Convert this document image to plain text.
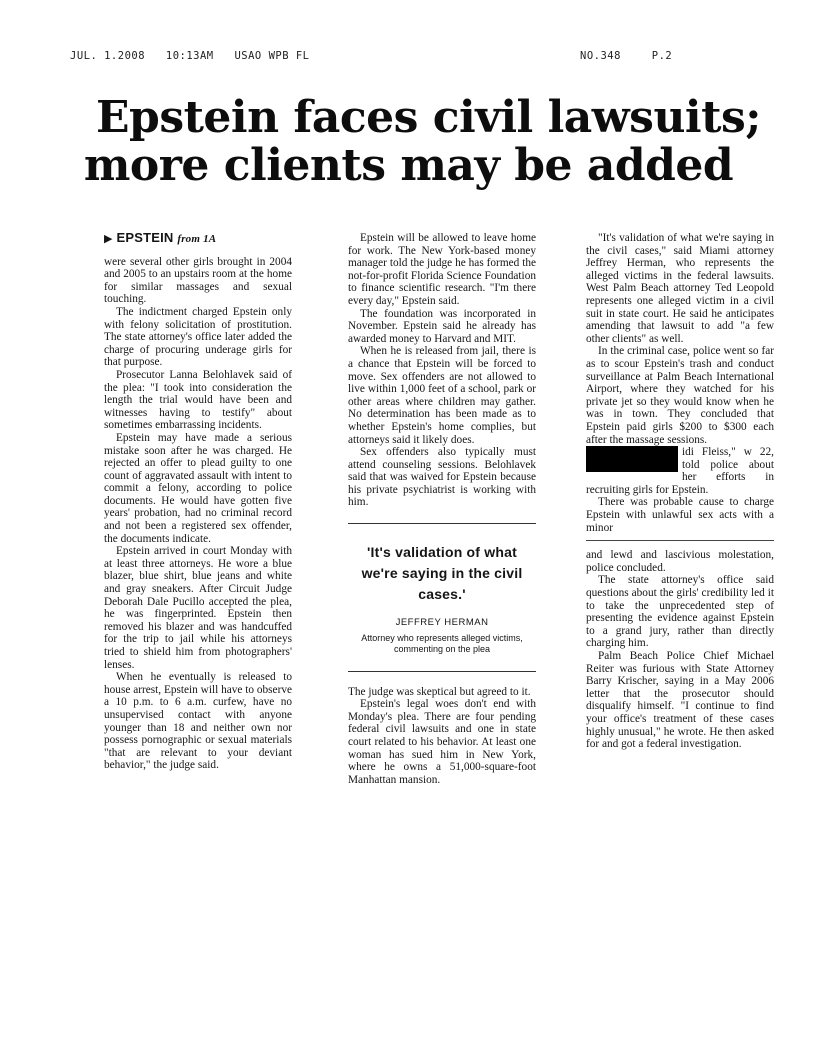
JUL. 1.2008 10:13AM USAO WPB FL	NO.348	P.2
Epstein faces civil lawsuits;
more clients may be added
▶ EPSTEIN from 1A

were several other girls brought in 2004 and 2005 to an upstairs room at the home for similar massages and sexual touching.

The indictment charged Epstein only with felony solicitation of prostitution. The state attorney's office later added the charge of procuring underage girls for that purpose.

Prosecutor Lanna Belohlavek said of the plea: "I took into consideration the length the trial would have been and witnesses having to testify" about sometimes embarrassing incidents.

Epstein may have made a serious mistake soon after he was charged. He rejected an offer to plead guilty to one count of aggravated assault with intent to commit a felony, according to police documents. He would have gotten five years' probation, had no criminal record and not been a registered sex offender, the documents indicate.

Epstein arrived in court Monday with at least three attorneys. He wore a blue blazer, blue shirt, blue jeans and white and gray sneakers. After Circuit Judge Deborah Dale Pucillo accepted the plea, he was fingerprinted. Epstein then removed his blazer and was handcuffed for the trip to jail while his attorneys tried to shield him from photographers' lenses.

When he eventually is released to house arrest, Epstein will have to observe a 10 p.m. to 6 a.m. curfew, have no unsupervised contact with anyone younger than 18 and neither own nor possess pornographic or sexual materials "that are relevant to your deviant behavior," the judge said.

Epstein will be allowed to leave home for work. The New York-based money manager told the judge he has formed the not-for-profit Florida Science Foundation to finance scientific research. "I'm there every day," Epstein said.

The foundation was incorporated in November. Epstein said he already has awarded money to Harvard and MIT.

When he is released from jail, there is a chance that Epstein will be forced to move. Sex offenders are not allowed to live within 1,000 feet of a school, park or other areas where children may gather. No determination has been made as to whether Epstein's home complies, but attorneys said it likely does.

Sex offenders also typically must attend counseling sessions. Belohlavek said that was waived for Epstein because his private psychiatrist is working with him.

'It's validation of what we're saying in the civil cases.'
JEFFREY HERMAN
Attorney who represents alleged victims, commenting on the plea

The judge was skeptical but agreed to it.

Epstein's legal woes don't end with Monday's plea. There are four pending federal civil lawsuits and one in state court related to his behavior. At least one woman has sued him in New York, where he owns a 51,000-square-foot Manhattan mansion.

"It's validation of what we're saying in the civil cases," said Miami attorney Jeffrey Herman, who represents the alleged victims in the federal lawsuits. West Palm Beach attorney Ted Leopold represents one alleged victim in a civil suit in state court. He said he anticipates amending that lawsuit to add "a few other clients" as well.

In the criminal case, police went so far as to scour Epstein's trash and conduct surveillance at Palm Beach International Airport, where they watched for his private jet so they would know when he was in town. They concluded that Epstein paid girls $200 to $300 each after the massage sessions.

idi Fleiss," w 22, told police about her efforts in recruiting girls for Epstein.

There was probable cause to charge Epstein with unlawful sex acts with a minor

and lewd and lascivious molestation, police concluded.

The state attorney's office said questions about the girls' credibility led it to take the unprecedented step of presenting the evidence against Epstein to a grand jury, rather than directly charging him.

Palm Beach Police Chief Michael Reiter was furious with State Attorney Barry Krischer, saying in a May 2006 letter that the prosecutor should disqualify himself. "I continue to find your office's treatment of these cases highly unusual," he wrote. He then asked for and got a federal investigation.
